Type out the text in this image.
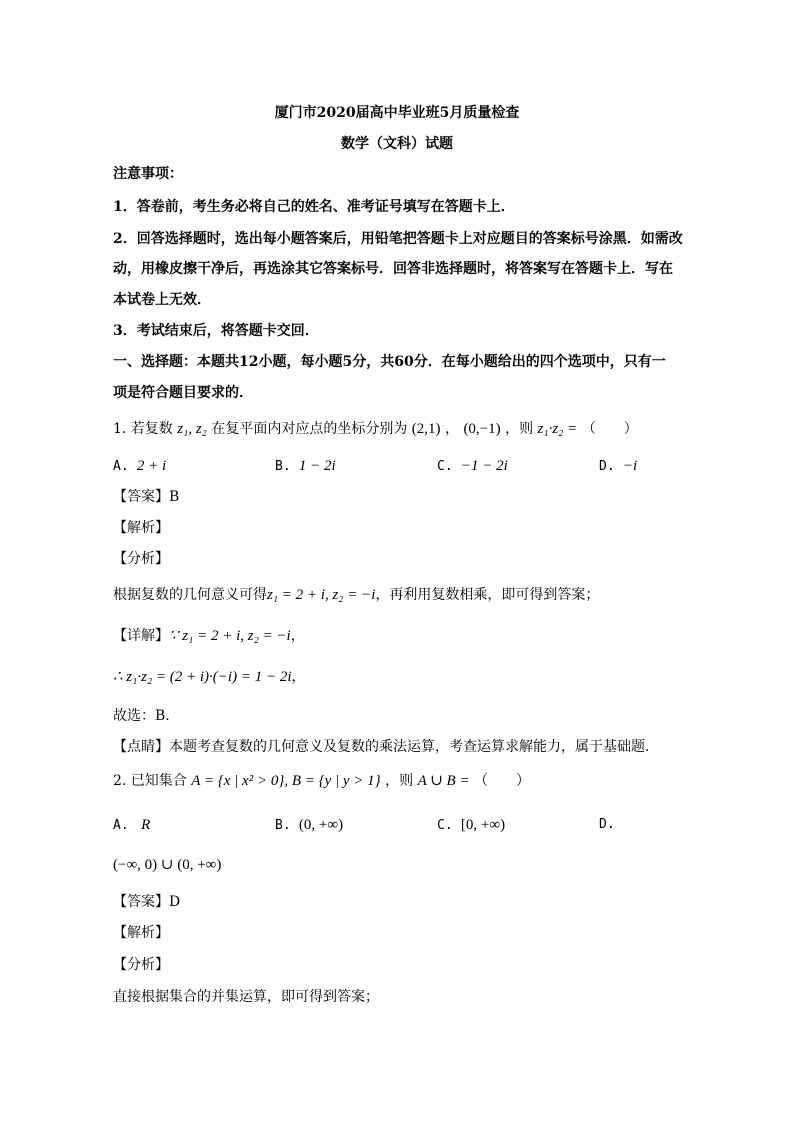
厦门市2020届高中毕业班5月质量检查
数学（文科）试题
注意事项：
1．答卷前，考生务必将自己的姓名、准考证号填写在答题卡上．
2．回答选择题时，选出每小题答案后，用铅笔把答题卡上对应题目的答案标号涂黑．如需改
动，用橡皮擦干净后，再选涂其它答案标号．回答非选择题时，将答案写在答题卡上．写在
本试卷上无效．
3．考试结束后，将答题卡交回．
一、选择题：本题共12小题，每小题5分，共60分．在每小题给出的四个选项中，只有一
项是符合题目要求的．
1. 若复数 z₁, z₂ 在复平面内对应点的坐标分别为 (2,1) ， (0,−1) ，则 z₁·z₂ = （　　）
A. 2 + i	B. 1 − 2i	C. −1 − 2i	D. −i
【答案】B
【解析】
【分析】
根据复数的几何意义可得z₁ = 2 + i, z₂ = −i，再利用复数相乘，即可得到答案；
【详解】∵ z₁ = 2 + i, z₂ = −i，
∴ z₁·z₂ = (2 + i)·(−i) = 1 − 2i，
故选：B.
【点睛】本题考查复数的几何意义及复数的乘法运算，考查运算求解能力，属于基础题.
2. 已知集合 A = {x | x² > 0}, B = {y | y > 1} ，则 A ∪ B = （　　）
A. R	B. (0, +∞)	C. [0, +∞)	D.
(−∞, 0) ∪ (0, +∞)
【答案】D
【解析】
【分析】
直接根据集合的并集运算，即可得到答案；
